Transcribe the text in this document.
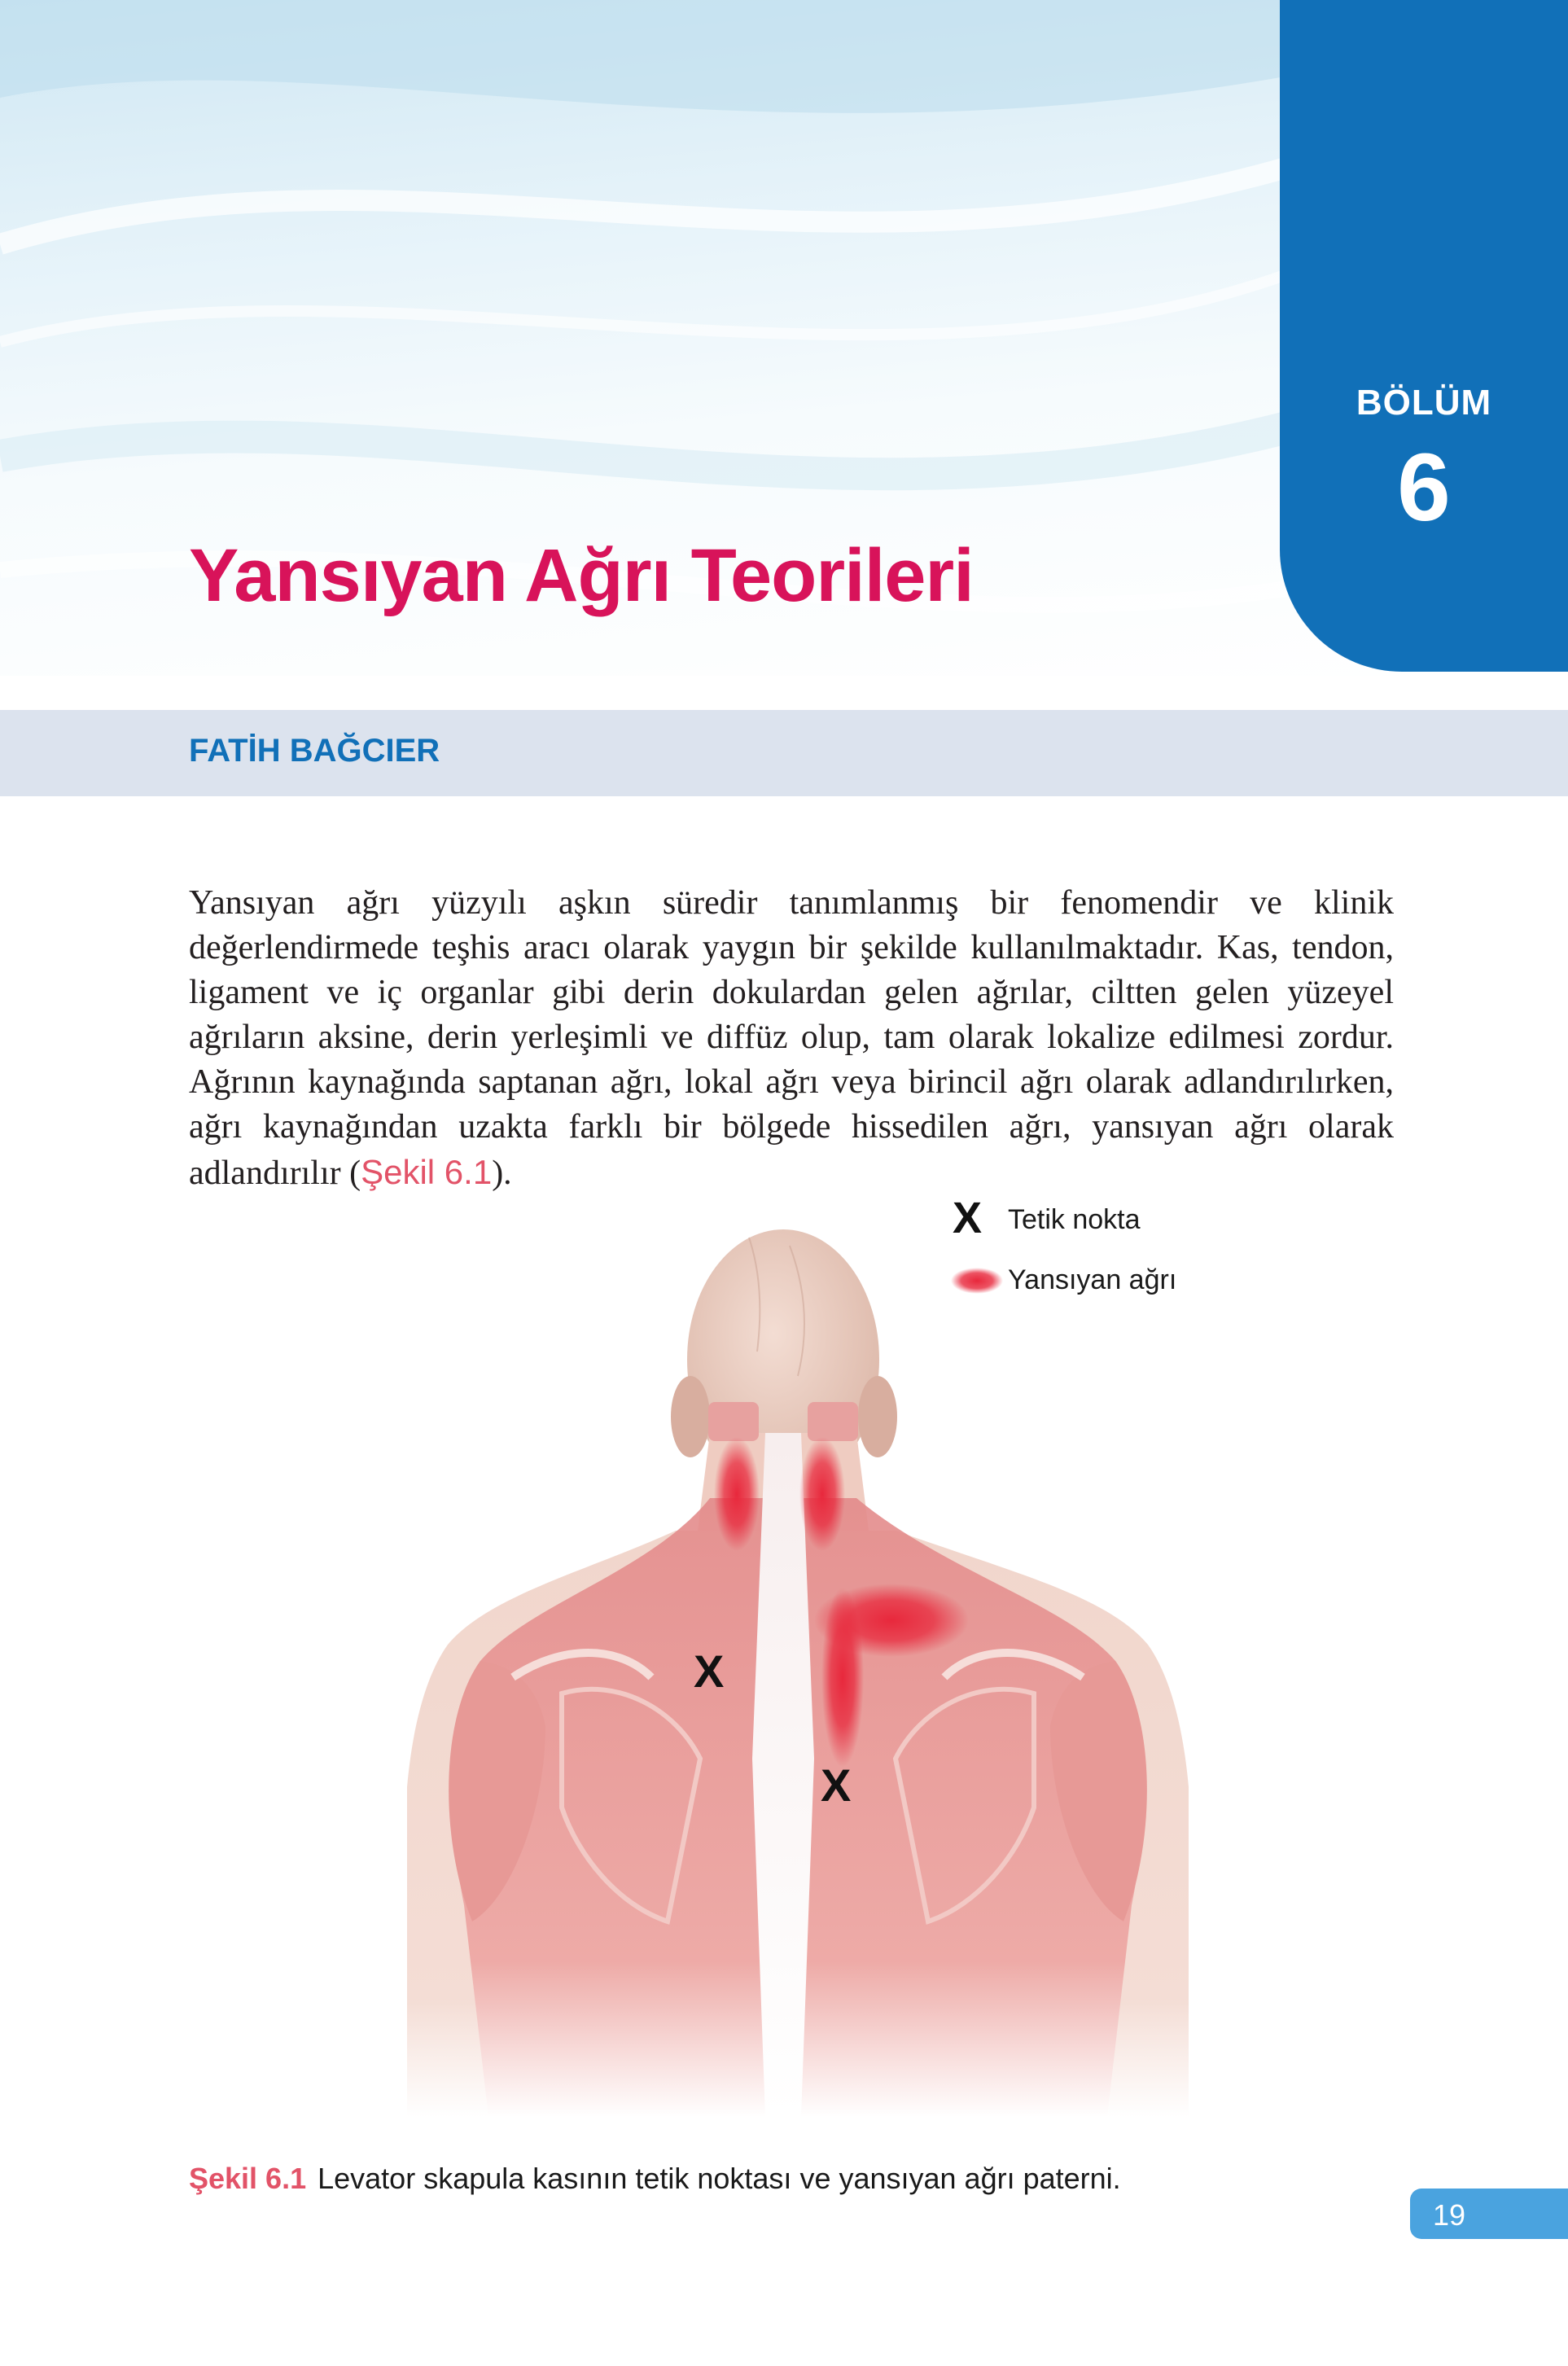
BÖLÜM
6
Yansıyan Ağrı Teorileri
FATİH BAĞCIER

Yansıyan ağrı yüzyılı aşkın süredir tanımlanmış bir fenomendir ve klinik değerlendirmede teşhis aracı olarak yaygın bir şekilde kullanılmaktadır. Kas, tendon, ligament ve iç organlar gibi derin dokulardan gelen ağrılar, ciltten gelen yüzeyel ağrıların aksine, derin yerleşimli ve diffüz olup, tam olarak lokalize edilmesi zordur. Ağrının kaynağında saptanan ağrı, lokal ağrı veya birincil ağrı olarak adlandırılırken, ağrı kaynağından uzakta farklı bir bölgede hissedilen ağrı, yansıyan ağrı olarak adlandırılır (Şekil 6.1).

X Tetik nokta
Yansıyan ağrı
X
X
Şekil 6.1 Levator skapula kasının tetik noktası ve yansıyan ağrı paterni.
19
